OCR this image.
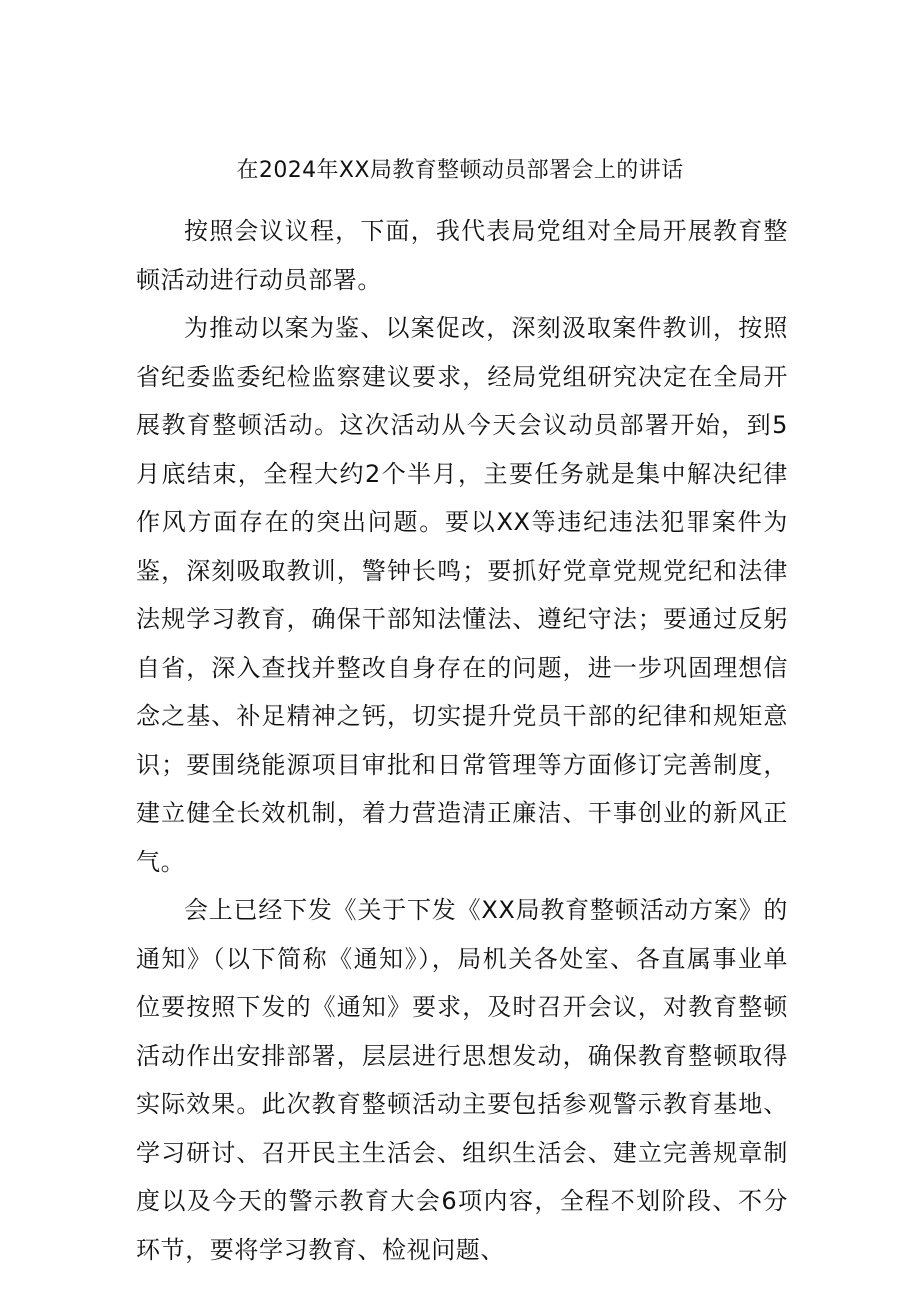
在2024年XX局教育整顿动员部署会上的讲话

按照会议议程，下面，我代表局党组对全局开展教育整顿活动进行动员部署。

为推动以案为鉴、以案促改，深刻汲取案件教训，按照省纪委监委纪检监察建议要求，经局党组研究决定在全局开展教育整顿活动。这次活动从今天会议动员部署开始，到5月底结束，全程大约2个半月，主要任务就是集中解决纪律作风方面存在的突出问题。要以XX等违纪违法犯罪案件为鉴，深刻吸取教训，警钟长鸣；要抓好党章党规党纪和法律法规学习教育，确保干部知法懂法、遵纪守法；要通过反躬自省，深入查找并整改自身存在的问题，进一步巩固理想信念之基、补足精神之钙，切实提升党员干部的纪律和规矩意识；要围绕能源项目审批和日常管理等方面修订完善制度，建立健全长效机制，着力营造清正廉洁、干事创业的新风正气。

会上已经下发《关于下发《XX局教育整顿活动方案》的通知》（以下简称《通知》），局机关各处室、各直属事业单位要按照下发的《通知》要求，及时召开会议，对教育整顿活动作出安排部署，层层进行思想发动，确保教育整顿取得实际效果。此次教育整顿活动主要包括参观警示教育基地、学习研讨、召开民主生活会、组织生活会、建立完善规章制度以及今天的警示教育大会6项内容，全程不划阶段、不分环节，要将学习教育、检视问题、
